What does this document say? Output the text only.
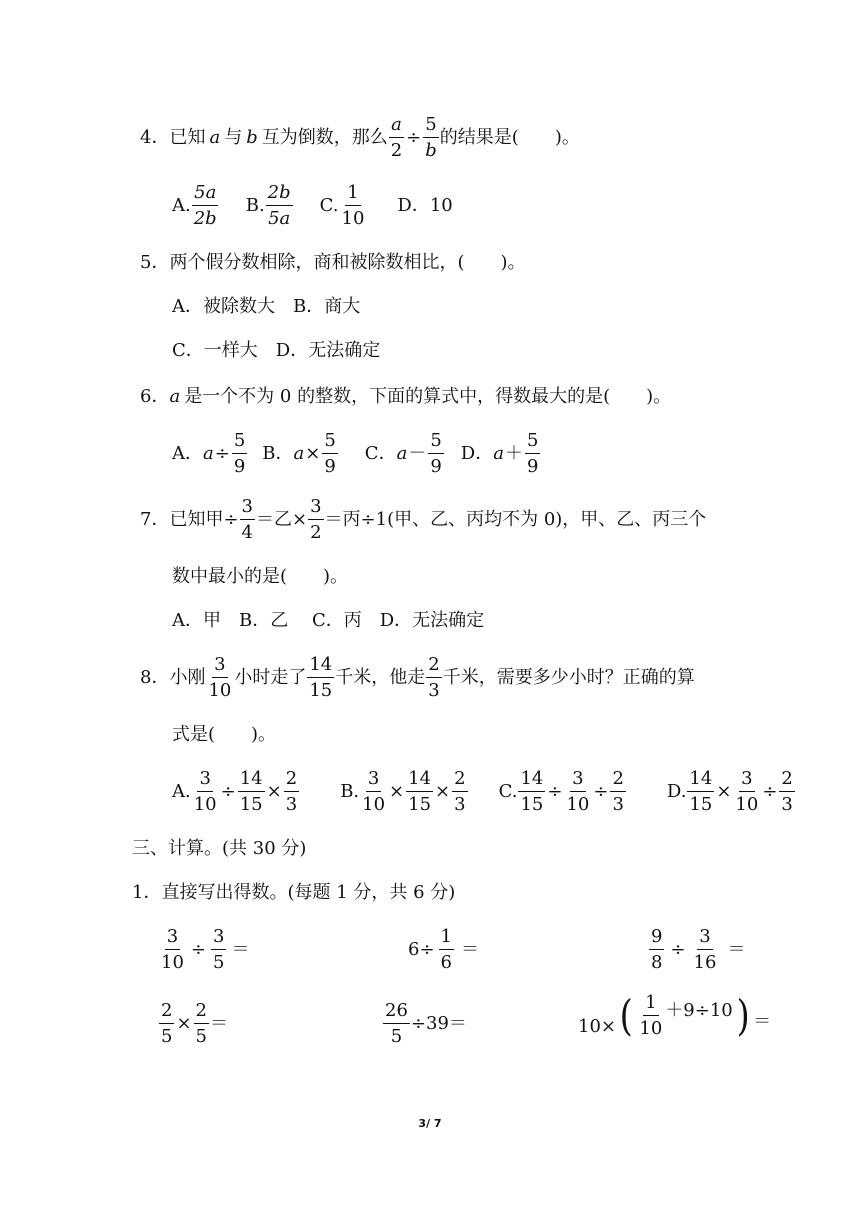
4． 已知 a 与 b 互为倒数，那么 $\frac{a}{2} \div \frac{5}{b}$ 的结果是(　　)。
A.
5a
2b
B.
2b
5a
C.
1
10
D．10
5．两个假分数相除，商和被除数相比，(　　)。
A．被除数大　B．商大
C．一样大　D．无法确定
6．a 是一个不为 0 的整数，下面的算式中，得数最大的是(　　)。
A． $a \div \frac{5}{9}$ B． $a \times \frac{5}{9}$ C． a －
5
9
D． a ＋
5
9
7． 已知甲÷ $\frac{3}{4}$ ＝乙× $\frac{3}{2}$ ＝丙÷1(甲、乙、丙均不为 0)，甲、乙、丙三个
数中最小的是(　　)。
A．甲　B．乙　 C．丙　D．无法确定
8． 小刚
3
10
小时走了
14
15
千米，他走
2
3
千米，需要多少小时？正确的算
式是(　　)。
A. $\frac{3}{10} \div \frac{14}{15} \times \frac{2}{3} B$. $\frac{3}{10} \times \frac{14}{15} \times \frac{2}{3} C$. $\frac{14}{15} \div \frac{3}{10} \div \frac{2}{3} D$. $\frac{14}{15} \times \frac{3}{10} \div \frac{2}{3}$
三、计算。(共 30 分)
1．直接写出得数。(每题 1 分，共 6 分)
$\frac{3}{10} \div \frac{3}{5}$ ＝	$6\div \frac{1}{6}$ ＝	$\frac{9}{8} \div \frac{3}{16}$ ＝
$\frac{2}{5} \times \frac{2}{5}$ ＝	$\frac{26}{5} \div 39=$	10× ( 1
10
＋9÷10 ) ＝
3/ 7
